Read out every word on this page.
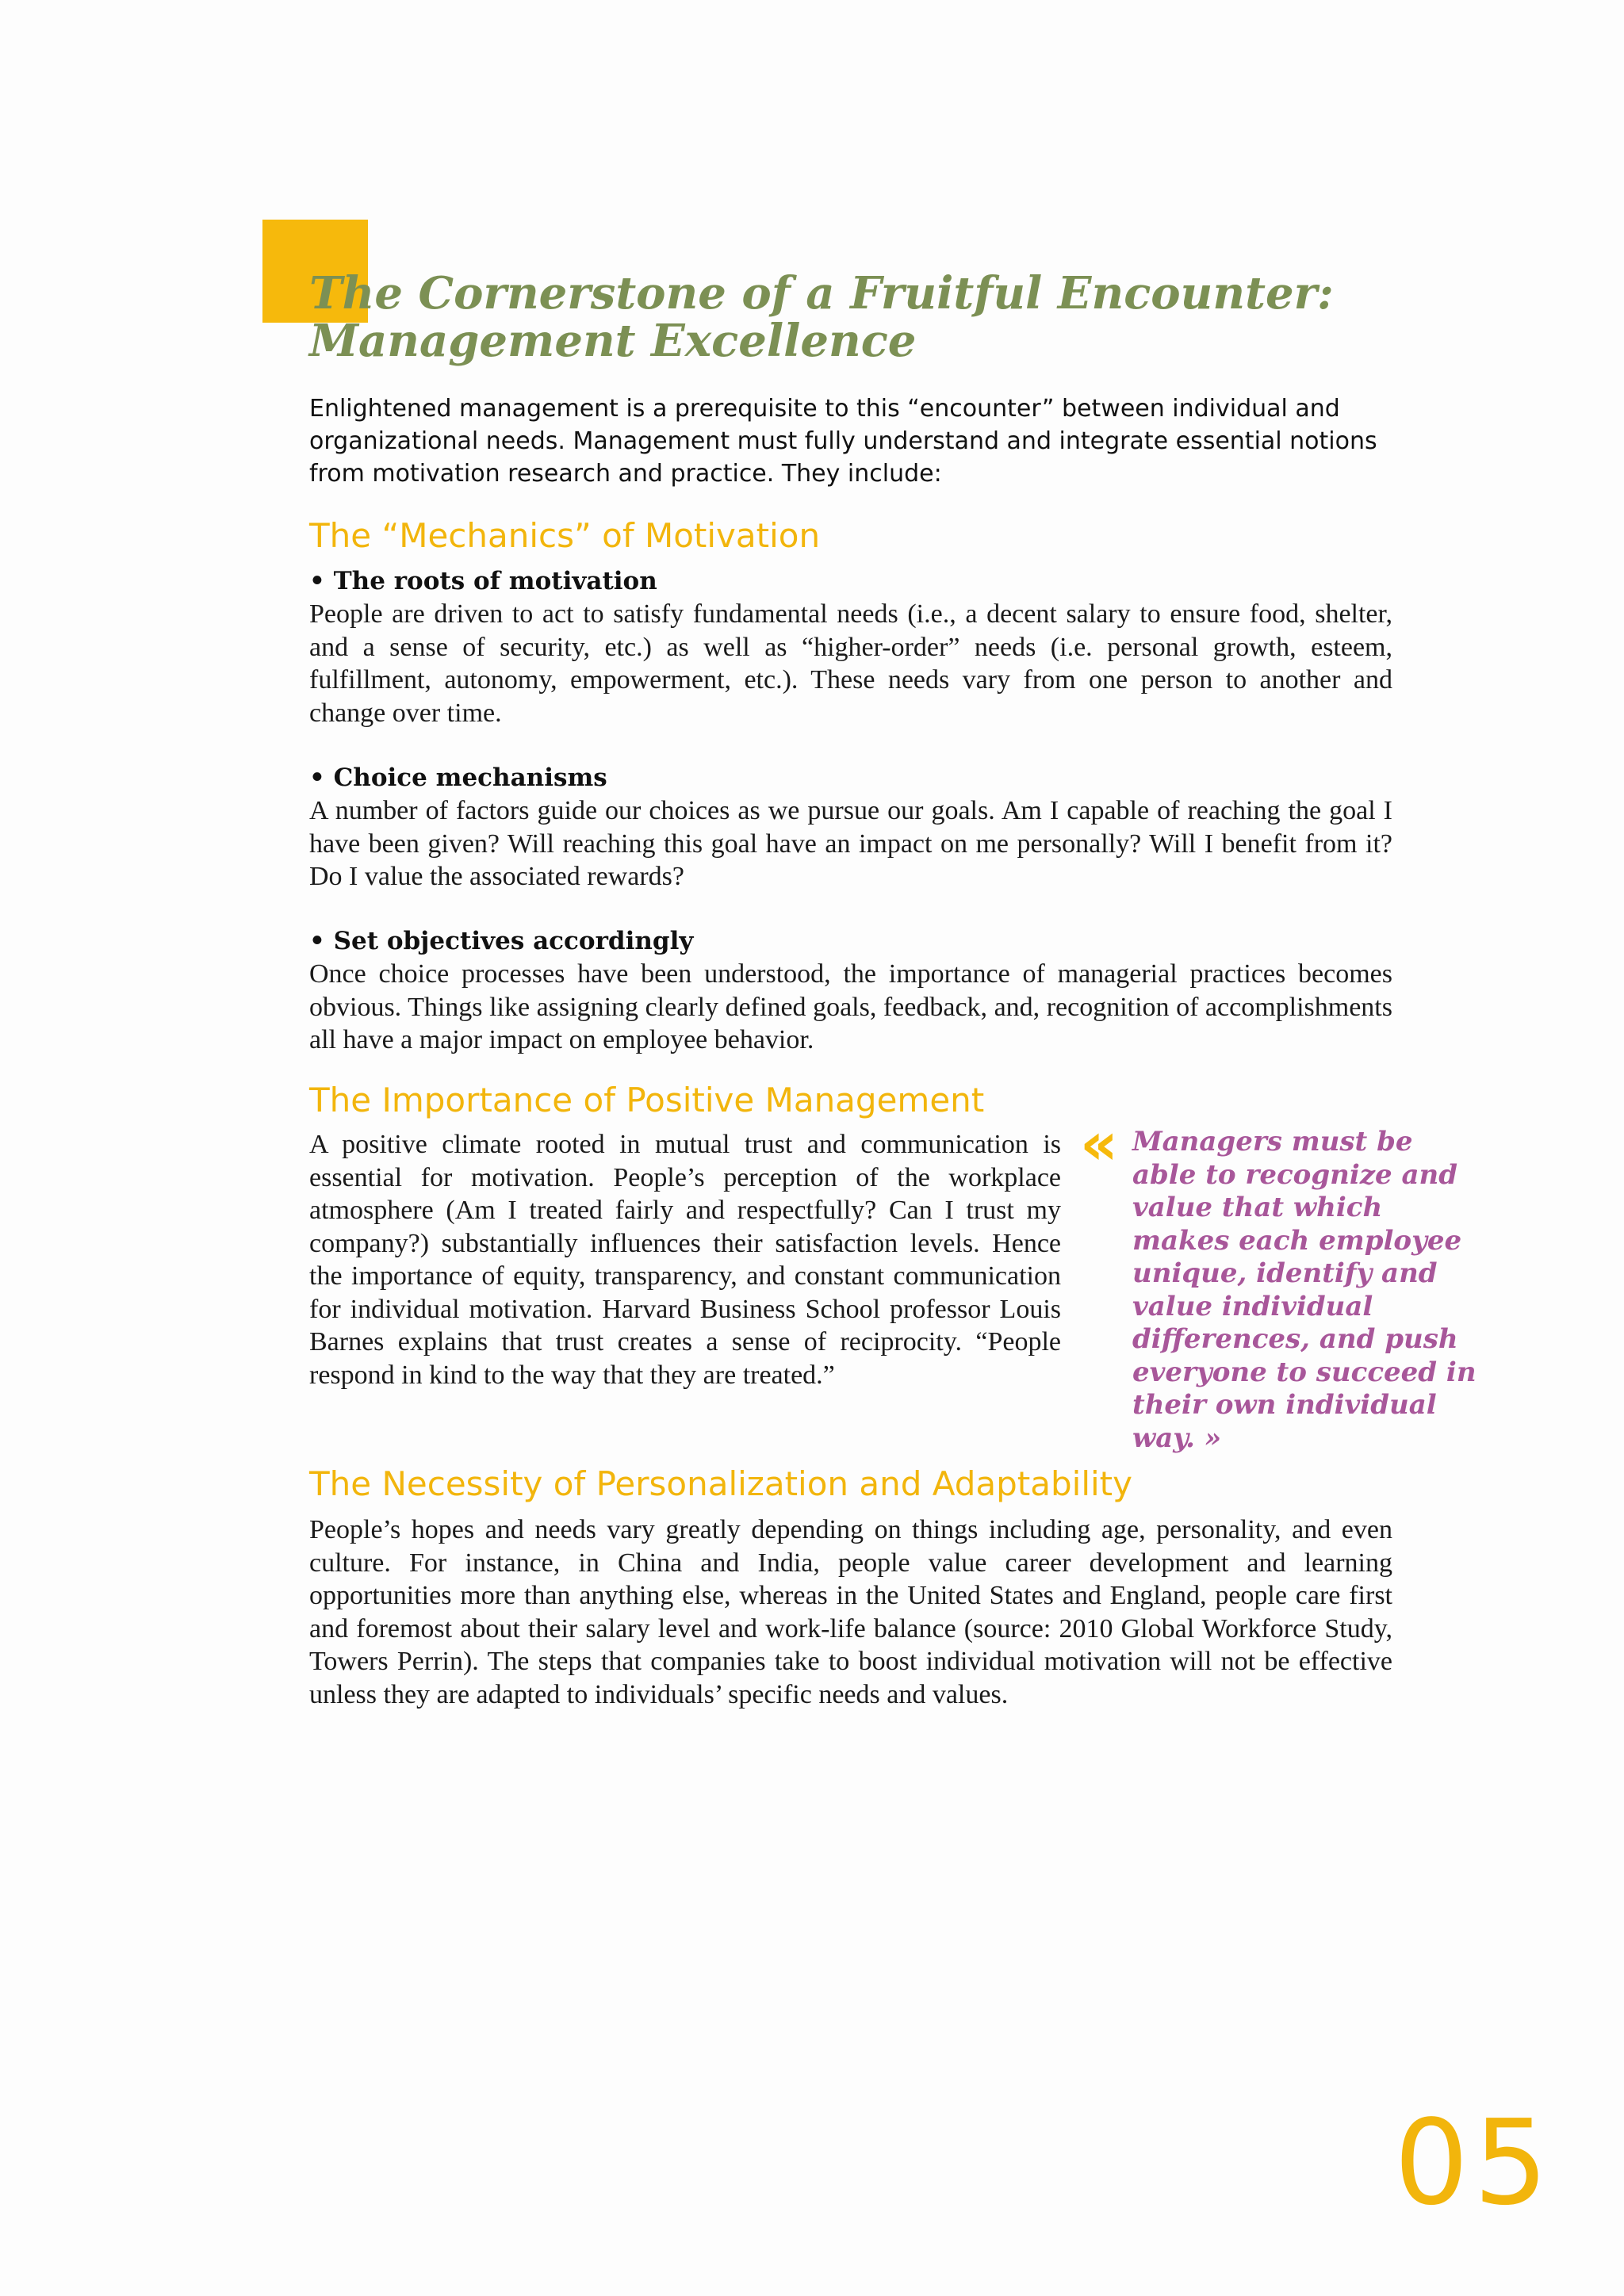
The Cornerstone of a Fruitful Encounter:
Management Excellence

Enlightened management is a prerequisite to this “encounter” between individual and organizational needs. Management must fully understand and integrate essential notions from motivation research and practice. They include:

The “Mechanics” of Motivation
• The roots of motivation

People are driven to act to satisfy fundamental needs (i.e., a decent salary to ensure food, shelter, and a sense of security, etc.) as well as “higher-order” needs (i.e. personal growth, esteem, fulfillment, autonomy, empowerment, etc.). These needs vary from one person to another and change over time.

• Choice mechanisms

A number of factors guide our choices as we pursue our goals. Am I capable of reaching the goal I have been given? Will reaching this goal have an impact on me personally? Will I benefit from it? Do I value the associated rewards?

• Set objectives accordingly

Once choice processes have been understood, the importance of managerial practices becomes obvious. Things like assigning clearly defined goals, feedback, and, recognition of accomplishments all have a major impact on employee behavior.

The Importance of Positive Management

A positive climate rooted in mutual trust and communication is essential for motivation. People’s perception of the workplace atmosphere (Am I treated fairly and respectfully? Can I trust my company?) substantially influences their satisfaction levels. Hence the importance of equity, transparency, and constant communication for individual motivation. Harvard Business School professor Louis Barnes explains that trust creates a sense of reciprocity. “People respond in kind to the way that they are treated.”

« Managers must be able to recognize and value that which makes each employee unique, identify and value individual differences, and push everyone to succeed in their own individual way. »

The Necessity of Personalization and Adaptability

People’s hopes and needs vary greatly depending on things including age, personality, and even culture. For instance, in China and India, people value career development and learning opportunities more than anything else, whereas in the United States and England, people care first and foremost about their salary level and work-life balance (source: 2010 Global Workforce Study, Towers Perrin). The steps that companies take to boost individual motivation will not be effective unless they are adapted to individuals’ specific needs and values.

05
